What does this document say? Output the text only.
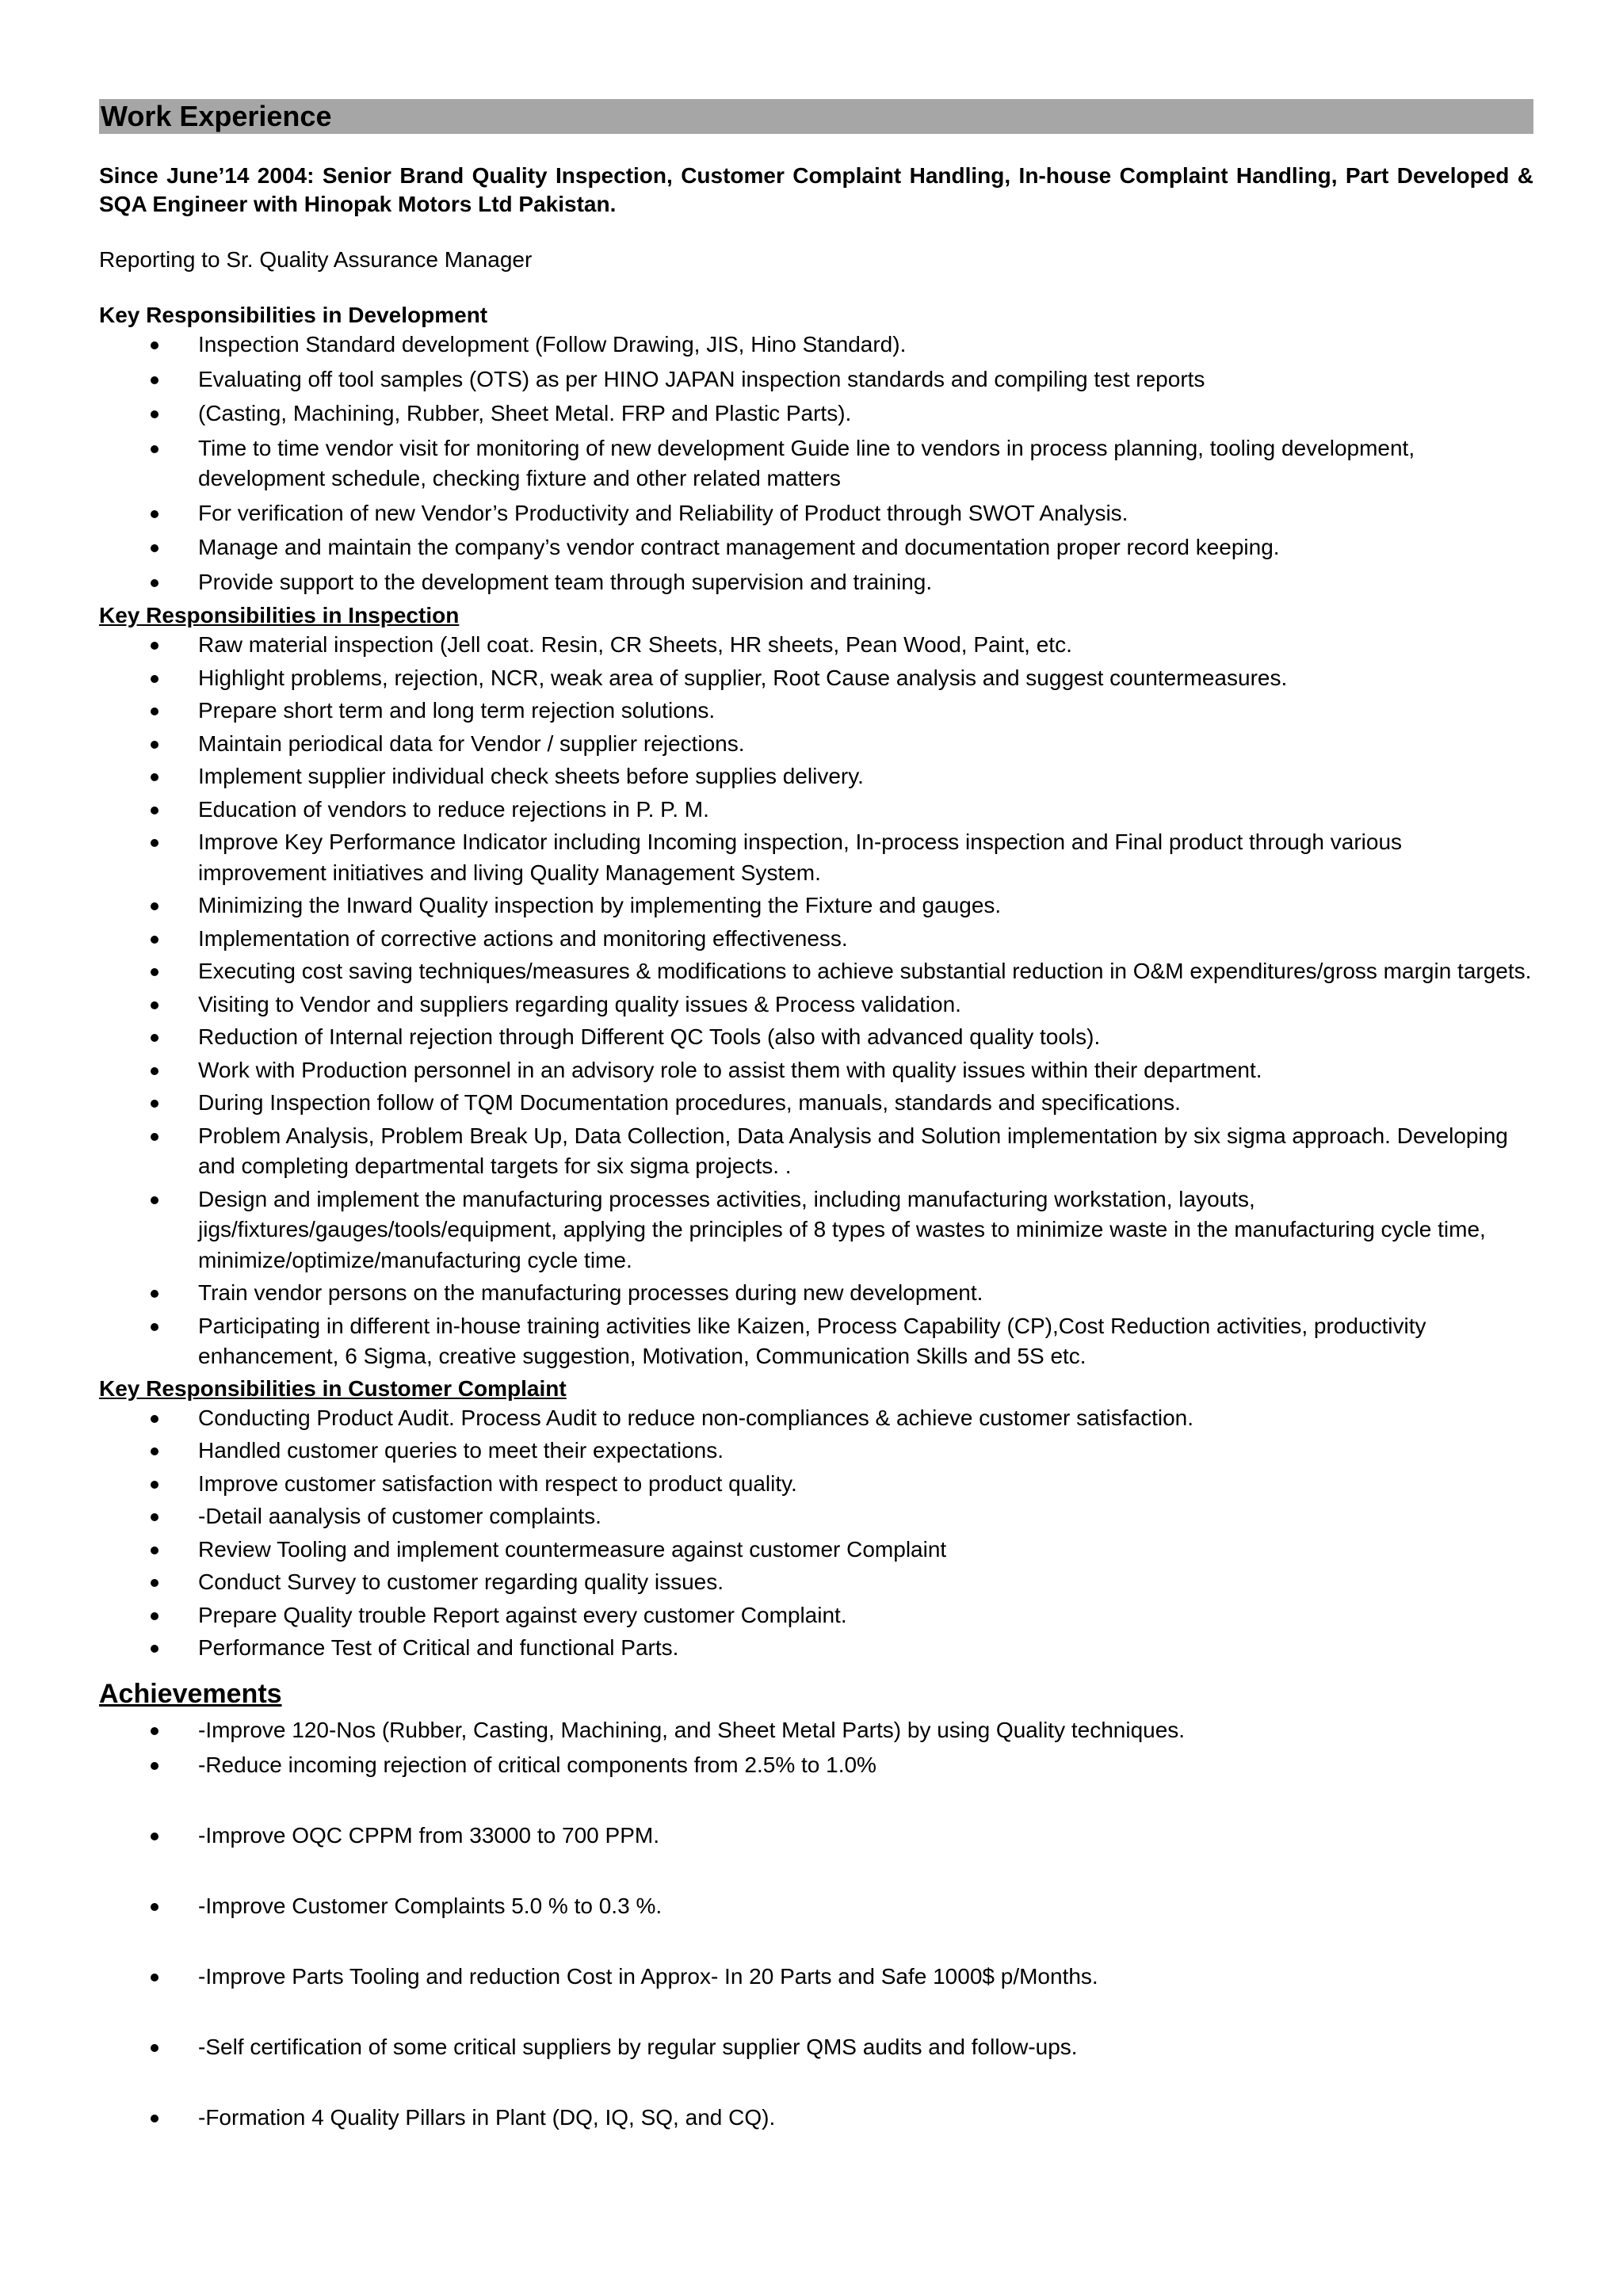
Work Experience
Since June’14 2004: Senior Brand Quality Inspection, Customer Complaint Handling, In-house Complaint Handling, Part Developed & SQA Engineer with Hinopak Motors Ltd Pakistan.
Reporting to Sr. Quality Assurance Manager
Key Responsibilities in Development
Inspection Standard development (Follow Drawing, JIS, Hino Standard).
Evaluating off tool samples (OTS) as per HINO JAPAN inspection standards and compiling test reports
(Casting, Machining, Rubber, Sheet Metal. FRP and Plastic Parts).
Time to time vendor visit for monitoring of new development Guide line to vendors in process planning, tooling development, development schedule, checking fixture and other related matters
For verification of new Vendor’s Productivity and Reliability of Product through SWOT Analysis.
Manage and maintain the company’s vendor contract management and documentation proper record keeping.
Provide support to the development team through supervision and training.
Key Responsibilities in Inspection
Raw material inspection (Jell coat. Resin, CR Sheets, HR sheets, Pean Wood, Paint, etc.
Highlight problems, rejection, NCR, weak area of supplier, Root Cause analysis and suggest countermeasures.
Prepare short term and long term rejection solutions.
Maintain periodical data for Vendor / supplier rejections.
Implement supplier individual check sheets before supplies delivery.
Education of vendors to reduce rejections in P. P. M.
Improve Key Performance Indicator including Incoming inspection, In-process inspection and Final product through various improvement initiatives and living Quality Management System.
Minimizing the Inward Quality inspection by implementing the Fixture and gauges.
Implementation of corrective actions and monitoring effectiveness.
Executing cost saving techniques/measures & modifications to achieve substantial reduction in O&M expenditures/gross margin targets.
Visiting to Vendor and suppliers regarding quality issues & Process validation.
Reduction of Internal rejection through Different QC Tools (also with advanced quality tools).
Work with Production personnel in an advisory role to assist them with quality issues within their department.
During Inspection follow of TQM Documentation procedures, manuals, standards and specifications.
Problem Analysis, Problem Break Up, Data Collection, Data Analysis and Solution implementation by six sigma approach. Developing and completing departmental targets for six sigma projects. .
Design and implement the manufacturing processes activities, including manufacturing workstation, layouts, jigs/fixtures/gauges/tools/equipment, applying the principles of 8 types of wastes to minimize waste in the manufacturing cycle time, minimize/optimize/manufacturing cycle time.
Train vendor persons on the manufacturing processes during new development.
Participating in different in-house training activities like Kaizen, Process Capability (CP),Cost Reduction activities, productivity enhancement, 6 Sigma, creative suggestion, Motivation, Communication Skills and 5S etc.
Key Responsibilities in Customer Complaint
Conducting Product Audit. Process Audit to reduce non-compliances & achieve customer satisfaction.
Handled customer queries to meet their expectations.
Improve customer satisfaction with respect to product quality.
-Detail aanalysis of customer complaints.
Review Tooling and implement countermeasure against customer Complaint
Conduct Survey to customer regarding quality issues.
Prepare Quality trouble Report against every customer Complaint.
Performance Test of Critical and functional Parts.
Achievements
-Improve 120-Nos (Rubber, Casting, Machining, and Sheet Metal Parts) by using Quality techniques.
-Reduce incoming rejection of critical components from 2.5% to 1.0%
-Improve OQC CPPM from 33000 to 700 PPM.
-Improve Customer Complaints 5.0 % to 0.3 %.
-Improve Parts Tooling and reduction Cost in Approx- In 20 Parts and Safe 1000$ p/Months.
-Self certification of some critical suppliers by regular supplier QMS audits and follow-ups.
-Formation 4 Quality Pillars in Plant (DQ, IQ, SQ, and CQ).
